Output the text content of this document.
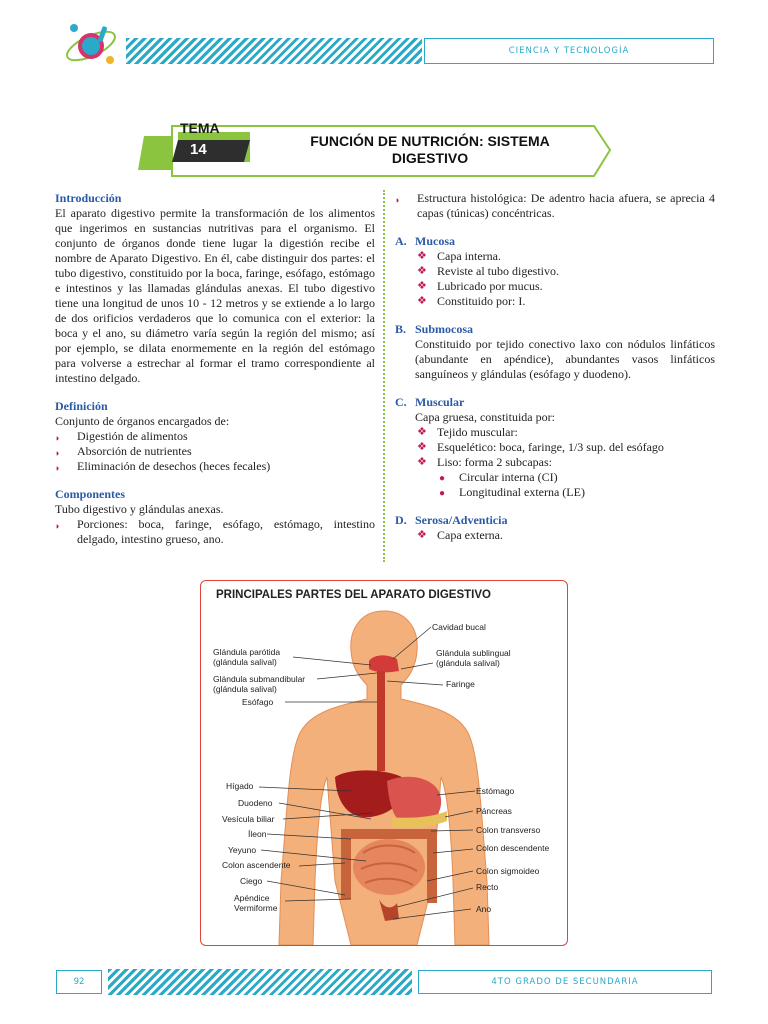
CIENCIA Y TECNOLOGÍA
TEMA
14	FUNCIÓN DE NUTRICIÓN: SISTEMA
DIGESTIVO
Introducción

El aparato digestivo permite la transformación de los alimentos que ingerimos en sustancias nutritivas para el organismo. El conjunto de órganos donde tiene lugar la digestión recibe el nombre de Aparato Digestivo. En él, cabe distinguir dos partes: el tubo digestivo, constituido por la boca, faringe, esófago, estómago e intestinos y las llamadas glándulas anexas. El tubo digestivo tiene una longitud de unos 10 - 12 metros y se extiende a lo largo de dos orificios verdaderos que lo comunica con el exterior: la boca y el ano, su diámetro varía según la región del mismo; así por ejemplo, se dilata enormemente en la región del estómago para volverse a estrechar al formar el tramo correspondiente al intestino delgado.

Definición

Conjunto de órganos encargados de:

◗ Digestión de alimentos
◗ Absorción de nutrientes
◗ Eliminación de desechos (heces fecales)
Componentes

Tubo digestivo y glándulas anexas.

◗ Porciones: boca, faringe, esófago, estómago, intestino delgado, intestino grueso, ano.

◗ Estructura histológica: De adentro hacia afuera, se aprecia 4 capas (túnicas) concéntricas.

A. Mucosa
❖ Capa interna.
❖ Reviste al tubo digestivo.
❖ Lubricado por mucus.
❖ Constituido por: I.
B. Submocosa

Constituido por tejido conectivo laxo con nódulos linfáticos (abundante en apéndice), abundantes vasos linfáticos sanguíneos y glándulas (esófago y duodeno).

C. Muscular

Capa gruesa, constituida por:

❖ Tejido muscular:
❖ Esquelético: boca, faringe, 1/3 sup. del esófago
❖ Liso: forma 2 subcapas:
● Circular interna (CI)
● Longitudinal externa (LE)
D. Serosa/Adventicia
❖ Capa externa.
PRINCIPALES PARTES DEL APARATO DIGESTIVO
Glándula parótida
(glándula salival)
Glándula submandibular
(glándula salival)
Esófago
Hígado
Duodeno
Vesícula biliar
Íleon
Yeyuno
Colon ascendente
Ciego
Apéndice
Vermiforme
Cavidad bucal
Glándula sublingual
(glándula salival)
Faringe
Estómago
Páncreas
Colon transverso
Colon descendente
Colon sigmoideo
Recto
Ano
92	4TO GRADO DE SECUNDARIA
